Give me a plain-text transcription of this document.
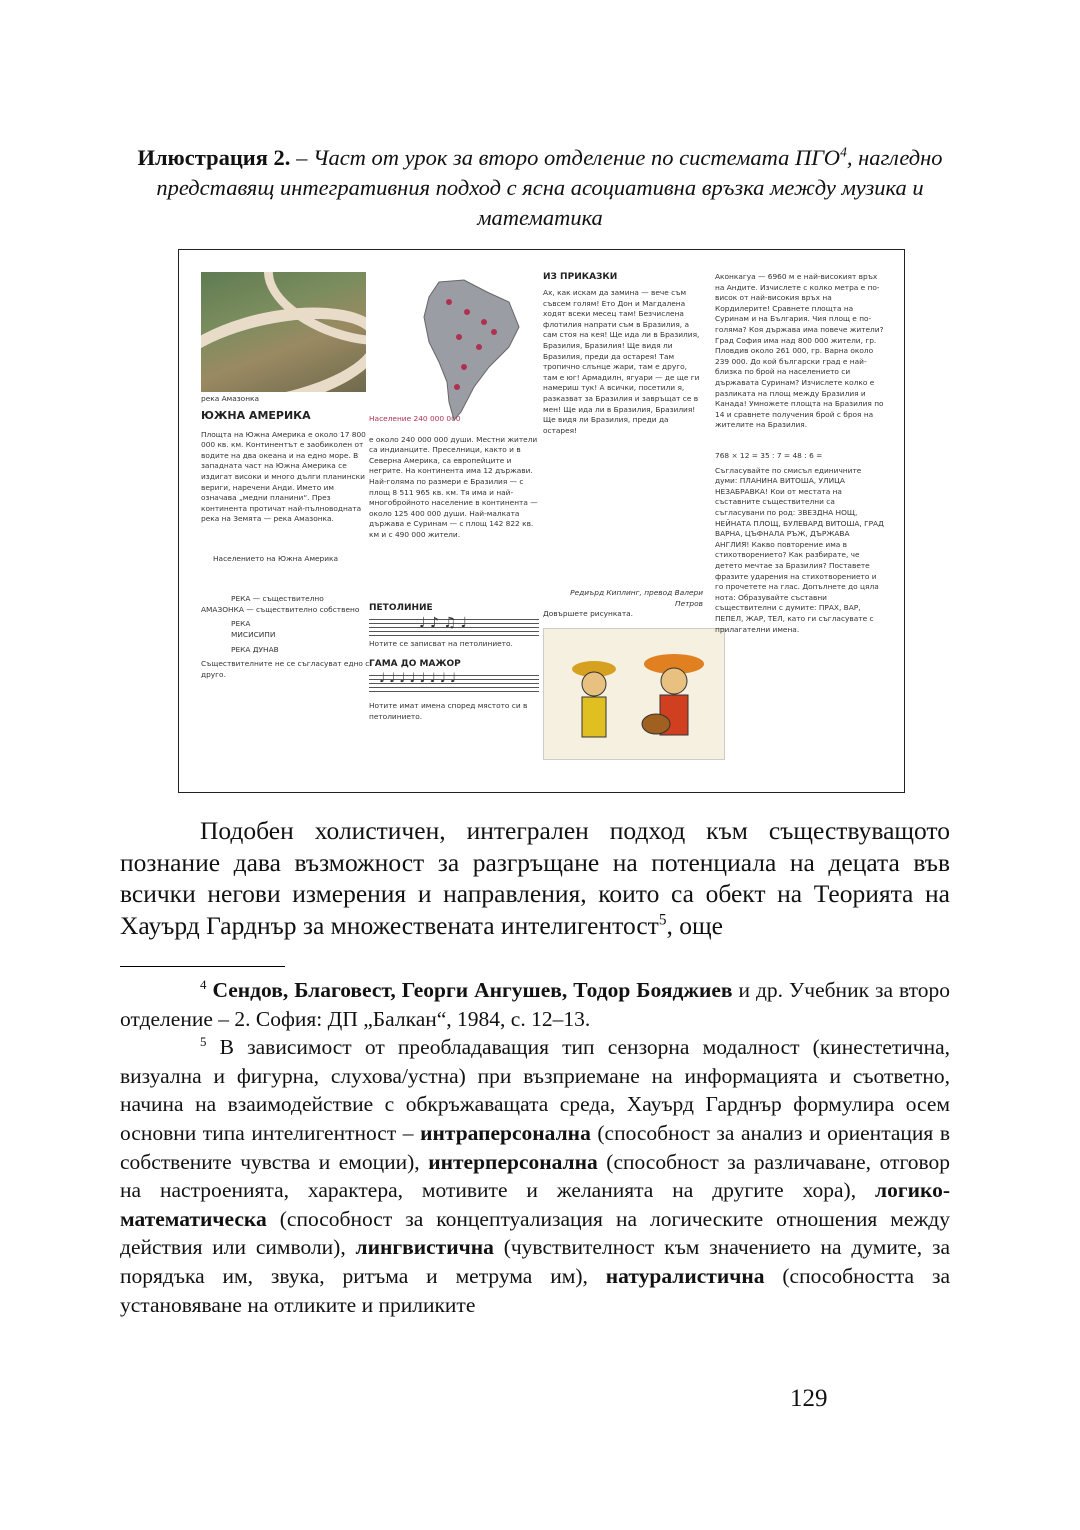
Илюстрация 2. – Част от урок за второ отделение по системата ПГО$^4$, нагледно представящ интегративния подход с ясна асоциативна връзка между музика и математика
река Амазонка
ЮЖНА АМЕРИКА
Площта на Южна Америка е около 17 800 000 кв. км. Континентът е заобиколен от водите на два океана и на едно море. В западната част на Южна Америка се издигат високи и много дълги планински вериги, наречени Анди. Името им означава „медни планини“. През континента протичат най-пълноводната река на Земята — река Амазонка.
Населението на Южна Америка
РЕКА — съществително
АМАЗОНКА — съществително собствено
РЕКА МИСИСИПИ
РЕКА ДУНАВ
Съществителните не се съгласуват едно с друго.
Население 240 000 000
е около 240 000 000 души. Местни жители са индианците. Преселници, както и в Северна Америка, са европейците и негрите. На континента има 12 държави. Най-голяма по размери е Бразилия — с площ 8 511 965 кв. км. Тя има и най-многобройното население в континента — около 125 400 000 души. Най-малката държава е Суринам — с площ 142 822 кв. км и с 490 000 жители.
ПЕТОЛИНИЕ
♩ ♪ ♫ ♩
Нотите се записват на петолинието.
ГАМА ДО МАЖОР
♩♩♩♩♩♩♩♩
Нотите имат имена според мястото си в петолинието.
ИЗ ПРИКАЗКИ
Ах, как искам да замина — вече съм съвсем голям! Ето Дон и Магдалена ходят всеки месец там! Безчислена флотилия напрати съм в Бразилия, а сам стоя на кея! Ще ида ли в Бразилия, Бразилия, Бразилия! Ще видя ли Бразилия, преди да остарея! Там тропично слънце жари, там е друго, там е юг! Армадилн, ягуари — де ще ги намериш тук! А всички, посетили я, разказват за Бразилия и завръщат се в мен! Ще ида ли в Бразилия, Бразилия! Ще видя ли Бразилия, преди да остарея!
Редиърд Киплинг, превод Валери Петров
Довършете рисунката.
Аконкагуа — 6960 м е най-високият връх на Андите. Изчислете с колко метра е по-висок от най-високия връх на Кордилерите! Сравнете площта на Суринам и на България. Чия площ е по-голяма? Коя държава има повече жители? Град София има над 800 000 жители, гр. Пловдив около 261 000, гр. Варна около 239 000. До кой български град е най-близка по брой на населението си държавата Суринам? Изчислете колко е разликата на площ между Бразилия и Канада! Умножете площта на Бразилия по 14 и сравнете получения брой с броя на жителите на Бразилия.
768 × 12 = 35 : 7 = 48 : 6 =
Съгласувайте по смисъл единичните думи: ПЛАНИНА ВИТОША, УЛИЦА НЕЗАБРАВКА! Кои от местата на съставните съществителни са съгласувани по род: ЗВЕЗДНА НОЩ, НЕЙНАТА ПЛОЩ, БУЛЕВАРД ВИТОША, ГРАД ВАРНА, ЦЪФНАЛА РЪЖ, ДЪРЖАВА АНГЛИЯ! Какво повторение има в стихотворението? Как разбирате, че детето мечтае за Бразилия? Поставете фразите ударения на стихотворението и го прочетете на глас. Допълнете до цяла нота: Образувайте съставни съществителни с думите: ПРАХ, ВАР, ПЕПЕЛ, ЖАР, ТЕЛ, като ги съгласувате с прилагателни имена.

Подобен холистичен, интегрален подход към съществуващото познание дава възможност за разгръщане на потенциала на децата във всички негови измерения и направления, които са обект на Теорията на Хауърд Гарднър за множествената интелигентост$^5$, още

$^4$ Сендов, Благовест, Георги Ангушев, Тодор Бояджиев и др. Учебник за второ отделение – 2. София: ДП „Балкан“, 1984, с. 12–13.

$^5$ В зависимост от преобладаващия тип сензорна модалност (кинестетична, визуална и фигурна, слухова/устна) при възприемане на информацията и съответно, начина на взаимодействие с обкръжаващата среда, Хауърд Гарднър формулира осем основни типа интелигентност – интраперсонална (способност за анализ и ориентация в собствените чувства и емоции), интерперсонална (способност за различаване, отговор на настроенията, характера, мотивите и желанията на другите хора), логико-математическа (способност за концептуализация на логическите отношения между действия или символи), лингвистична (чувствителност към значението на думите, за порядъка им, звука, ритъма и метрума им), натуралистична (способността за установяване на отликите и приликите

129
